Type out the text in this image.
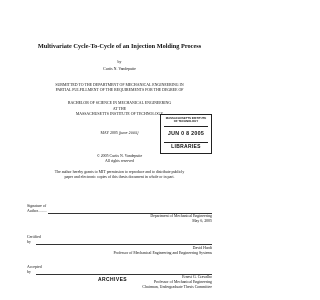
Multivariate Cycle-To-Cycle of an Injection Molding Process
by
Curtis N. Vandeputte
SUBMITTED TO THE DEPARTMENT OF MECHANICAL ENGINEERING IN
PARTIAL FULFILLMENT OF THE REQUIREMENTS FOR THE DEGREE OF
BACHELOR OF SCIENCE IN MECHANICAL ENGINEERING
AT THE
MASSACHUSETTS INSTITUTE OF TECHNOLOGY
MAY 2005 [June 2005]
MASSACHUSETTS INSTITUTE
OF TECHNOLOGY
JUN 0 8 2005
LIBRARIES
© 2005 Curtis N. Vandeputte
All rights reserved
The author hereby grants to MIT permission to reproduce and to distribute publicly
paper and electronic copies of this thesis document in whole or in part.
Signature of
Author.........
Department of Mechanical Engineering
May 6, 2005
Certified
by
David Hardt
Professor of Mechanical Engineering and Engineering Systems
Accepted
by
Ernest G. Cravalho
Professor of Mechanical Engineering
Chairman, Undergraduate Thesis Committee
ARCHIVES
